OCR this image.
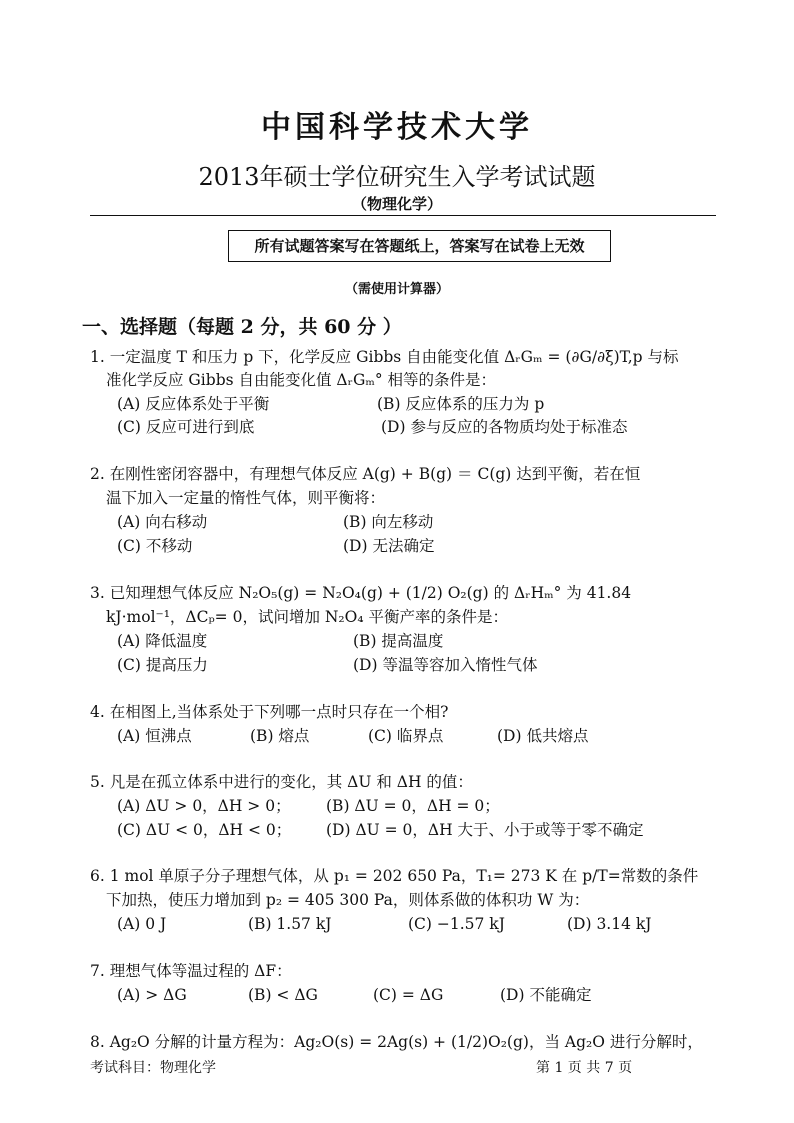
中国科学技术大学
2013年硕士学位研究生入学考试试题
（物理化学）
所有试题答案写在答题纸上，答案写在试卷上无效
（需使用计算器）
一、选择题（每题 2 分，共 60 分 ）
1. 一定温度 T 和压力 p 下，化学反应 Gibbs 自由能变化值 ΔᵣGₘ = (∂G/∂ξ)T,p 与标
准化学反应 Gibbs 自由能变化值 ΔᵣGₘ° 相等的条件是：
(A) 反应体系处于平衡	(B) 反应体系的压力为 p
(C) 反应可进行到底	(D) 参与反应的各物质均处于标准态
2. 在刚性密闭容器中，有理想气体反应 A(g) + B(g) ＝ C(g) 达到平衡，若在恒
温下加入一定量的惰性气体，则平衡将：
(A) 向右移动	(B) 向左移动
(C) 不移动	(D) 无法确定
3. 已知理想气体反应 N₂O₅(g) = N₂O₄(g) + (1/2) O₂(g) 的 ΔᵣHₘ° 为 41.84
kJ·mol⁻¹，ΔCₚ= 0，试问增加 N₂O₄ 平衡产率的条件是：
(A) 降低温度	(B) 提高温度
(C) 提高压力	(D) 等温等容加入惰性气体
4. 在相图上,当体系处于下列哪一点时只存在一个相?
(A) 恒沸点	(B) 熔点	(C) 临界点	(D) 低共熔点
5. 凡是在孤立体系中进行的变化，其 ΔU 和 ΔH 的值：
(A) ΔU > 0，ΔH > 0； (B) ΔU = 0，ΔH = 0；
(C) ΔU < 0，ΔH < 0； (D) ΔU = 0，ΔH 大于、小于或等于零不确定
6. 1 mol 单原子分子理想气体，从 p₁ = 202 650 Pa，T₁= 273 K 在 p/T=常数的条件
下加热，使压力增加到 p₂ = 405 300 Pa，则体系做的体积功 W 为：
(A) 0 J	(B) 1.57 kJ	(C) −1.57 kJ	(D) 3.14 kJ
7. 理想气体等温过程的 ΔF：
(A) > ΔG	(B) < ΔG	(C) = ΔG	(D) 不能确定
8. Ag₂O 分解的计量方程为：Ag₂O(s) = 2Ag(s) + (1/2)O₂(g)，当 Ag₂O 进行分解时，
考试科目：物理化学	第 1 页 共 7 页
